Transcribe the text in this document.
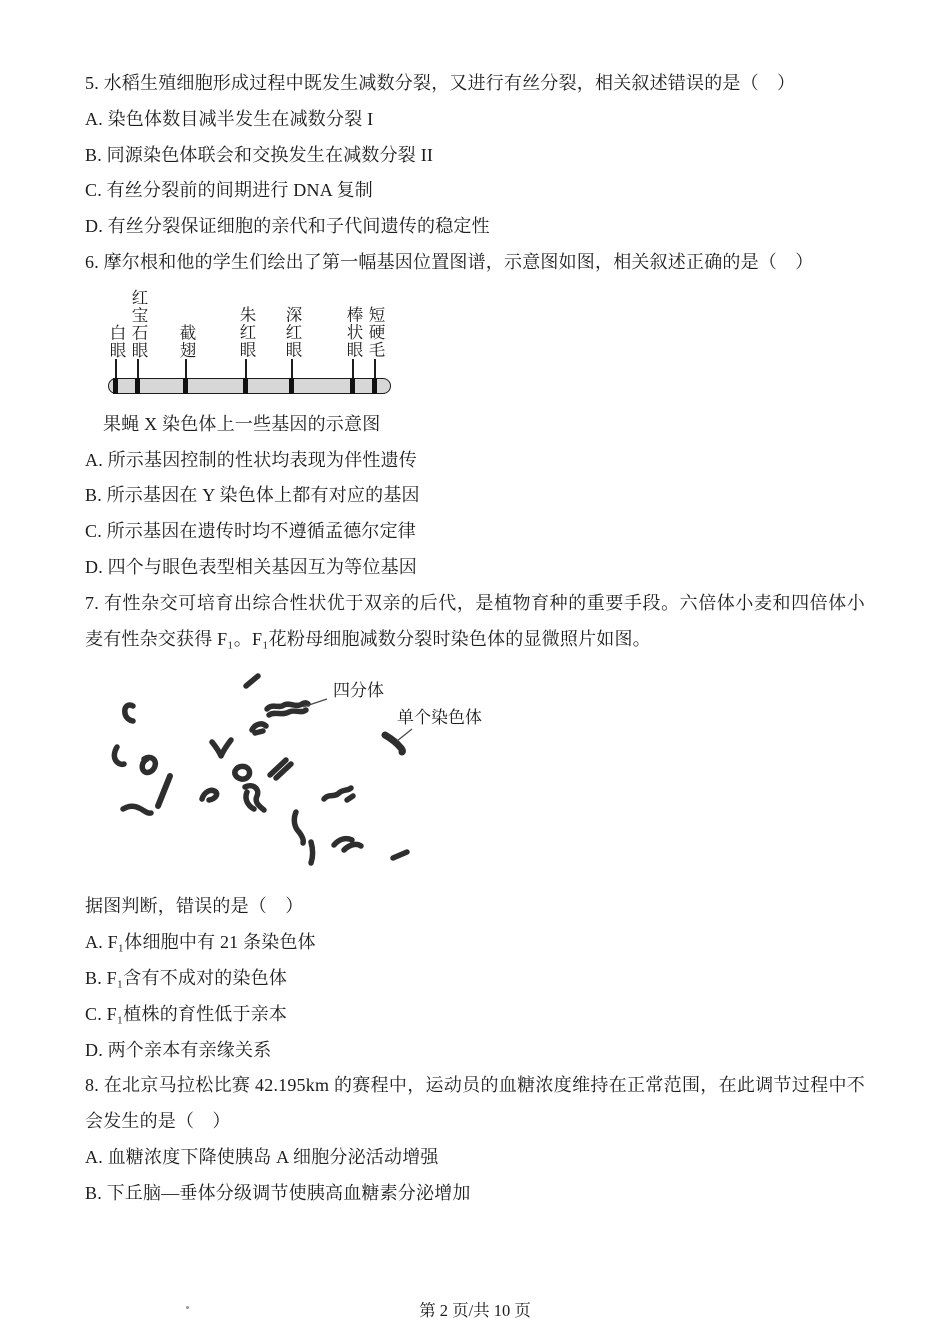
5. 水稻生殖细胞形成过程中既发生减数分裂，又进行有丝分裂，相关叙述错误的是（　）

A. 染色体数目减半发生在减数分裂 I

B. 同源染色体联会和交换发生在减数分裂 II

C. 有丝分裂前的间期进行 DNA 复制

D. 有丝分裂保证细胞的亲代和子代间遗传的稳定性

6. 摩尔根和他的学生们绘出了第一幅基因位置图谱，示意图如图，相关叙述正确的是（　）

白眼 红宝石眼 截翅 朱红眼 深红眼	棒状眼 短硬毛

果蝇 X 染色体上一些基因的示意图

A. 所示基因控制的性状均表现为伴性遗传

B. 所示基因在 Y 染色体上都有对应的基因

C. 所示基因在遗传时均不遵循孟德尔定律

D. 四个与眼色表型相关基因互为等位基因

7. 有性杂交可培育出综合性状优于双亲的后代，是植物育种的重要手段。六倍体小麦和四倍体小麦有性杂交获得 F₁。F₁花粉母细胞减数分裂时染色体的显微照片如图。

四分体
单个染色体

据图判断，错误的是（　）

A. F₁体细胞中有 21 条染色体

B. F₁含有不成对的染色体

C. F₁植株的育性低于亲本

D. 两个亲本有亲缘关系

8. 在北京马拉松比赛 42.195km 的赛程中，运动员的血糖浓度维持在正常范围，在此调节过程中不会发生的是（　）

A. 血糖浓度下降使胰岛 A 细胞分泌活动增强

B. 下丘脑—垂体分级调节使胰高血糖素分泌增加

第 2 页/共 10 页
